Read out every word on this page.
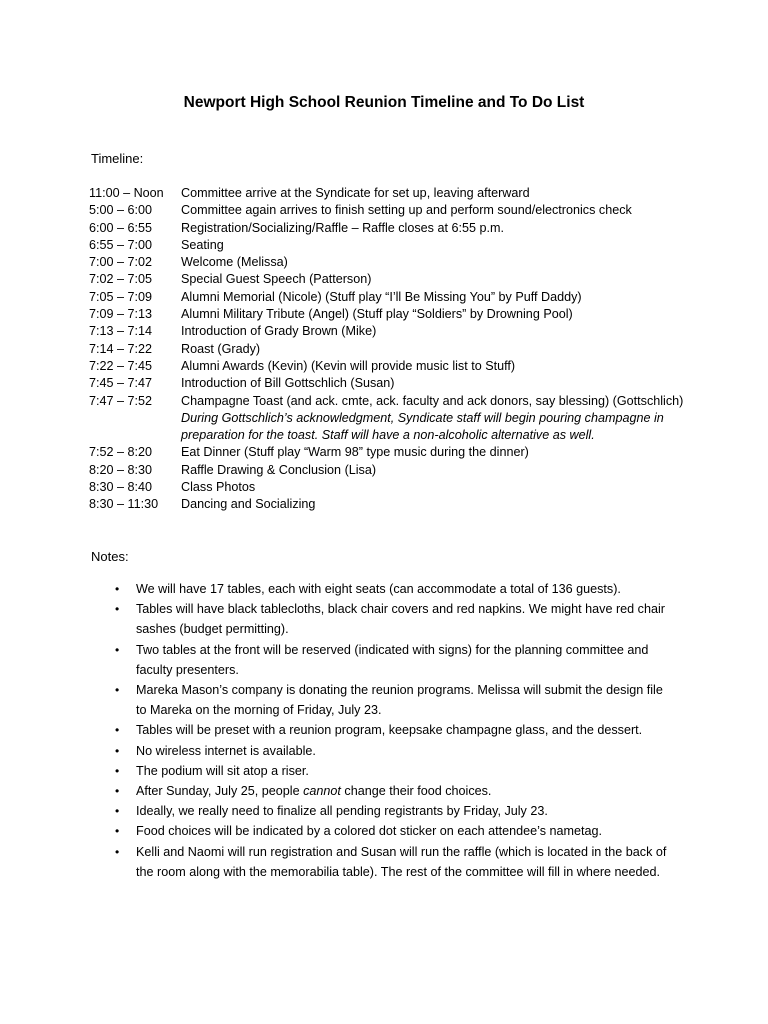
Newport High School Reunion Timeline and To Do List
Timeline:
11:00 – Noon Committee arrive at the Syndicate for set up, leaving afterward
5:00 – 6:00 Committee again arrives to finish setting up and perform sound/electronics check
6:00 – 6:55 Registration/Socializing/Raffle – Raffle closes at 6:55 p.m.
6:55 – 7:00 Seating
7:00 – 7:02 Welcome (Melissa)
7:02 – 7:05 Special Guest Speech (Patterson)
7:05 – 7:09 Alumni Memorial (Nicole) (Stuff play “I’ll Be Missing You” by Puff Daddy)
7:09 – 7:13 Alumni Military Tribute (Angel) (Stuff play “Soldiers” by Drowning Pool)
7:13 – 7:14 Introduction of Grady Brown (Mike)
7:14 – 7:22 Roast (Grady)
7:22 – 7:45 Alumni Awards (Kevin) (Kevin will provide music list to Stuff)
7:45 – 7:47 Introduction of Bill Gottschlich (Susan)
7:47 – 7:52 Champagne Toast (and ack. cmte, ack. faculty and ack donors, say blessing) (Gottschlich)
During Gottschlich’s acknowledgment, Syndicate staff will begin pouring champagne in
preparation for the toast. Staff will have a non-alcoholic alternative as well.
7:52 – 8:20 Eat Dinner (Stuff play “Warm 98” type music during the dinner)
8:20 – 8:30 Raffle Drawing & Conclusion (Lisa)
8:30 – 8:40 Class Photos
8:30 – 11:30 Dancing and Socializing
Notes:
• We will have 17 tables, each with eight seats (can accommodate a total of 136 guests).
• Tables will have black tablecloths, black chair covers and red napkins. We might have red chair
sashes (budget permitting).
• Two tables at the front will be reserved (indicated with signs) for the planning committee and
faculty presenters.
• Mareka Mason’s company is donating the reunion programs. Melissa will submit the design file
to Mareka on the morning of Friday, July 23.
• Tables will be preset with a reunion program, keepsake champagne glass, and the dessert.
• No wireless internet is available.
• The podium will sit atop a riser.
• After Sunday, July 25, people cannot change their food choices.
• Ideally, we really need to finalize all pending registrants by Friday, July 23.
• Food choices will be indicated by a colored dot sticker on each attendee’s nametag.
• Kelli and Naomi will run registration and Susan will run the raffle (which is located in the back of
the room along with the memorabilia table). The rest of the committee will fill in where needed.
